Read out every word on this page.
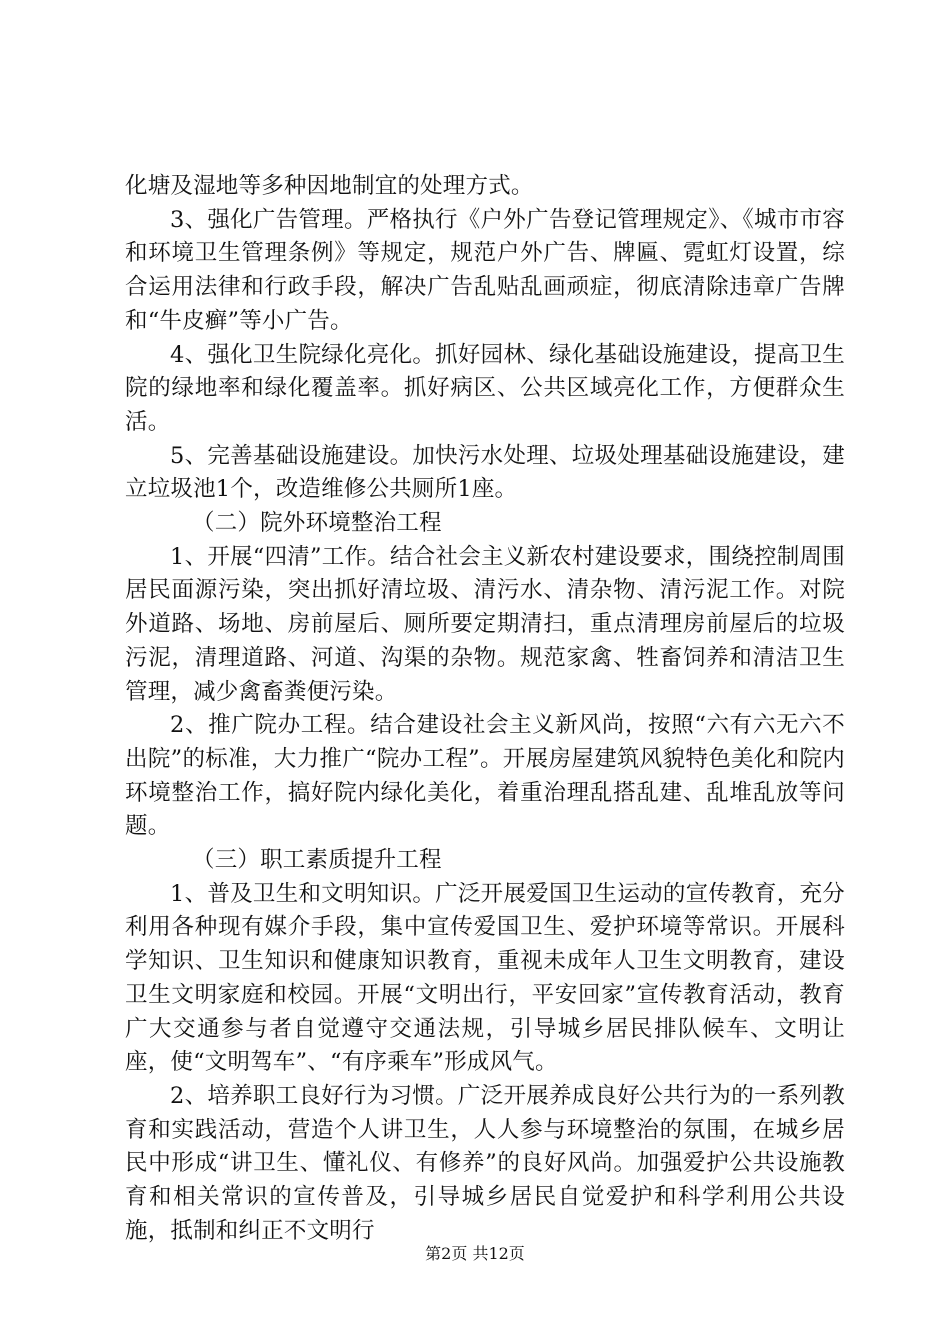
化塘及湿地等多种因地制宜的处理方式。

3、强化广告管理。严格执行《户外广告登记管理规定》、《城市市容和环境卫生管理条例》等规定，规范户外广告、牌匾、霓虹灯设置，综合运用法律和行政手段，解决广告乱贴乱画顽症，彻底清除违章广告牌和“牛皮癣”等小广告。

4、强化卫生院绿化亮化。抓好园林、绿化基础设施建设，提高卫生院的绿地率和绿化覆盖率。抓好病区、公共区域亮化工作，方便群众生活。

5、完善基础设施建设。加快污水处理、垃圾处理基础设施建设，建立垃圾池1个，改造维修公共厕所1座。

（二）院外环境整治工程

1、开展“四清”工作。结合社会主义新农村建设要求，围绕控制周围居民面源污染，突出抓好清垃圾、清污水、清杂物、清污泥工作。对院外道路、场地、房前屋后、厕所要定期清扫，重点清理房前屋后的垃圾污泥，清理道路、河道、沟渠的杂物。规范家禽、牲畜饲养和清洁卫生管理，减少禽畜粪便污染。

2、推广院办工程。结合建设社会主义新风尚，按照“六有六无六不出院”的标准，大力推广“院办工程”。开展房屋建筑风貌特色美化和院内环境整治工作，搞好院内绿化美化，着重治理乱搭乱建、乱堆乱放等问题。

（三）职工素质提升工程

1、普及卫生和文明知识。广泛开展爱国卫生运动的宣传教育，充分利用各种现有媒介手段，集中宣传爱国卫生、爱护环境等常识。开展科学知识、卫生知识和健康知识教育，重视未成年人卫生文明教育，建设卫生文明家庭和校园。开展“文明出行，平安回家”宣传教育活动，教育广大交通参与者自觉遵守交通法规，引导城乡居民排队候车、文明让座，使“文明驾车”、“有序乘车”形成风气。

2、培养职工良好行为习惯。广泛开展养成良好公共行为的一系列教育和实践活动，营造个人讲卫生，人人参与环境整治的氛围，在城乡居民中形成“讲卫生、懂礼仪、有修养”的良好风尚。加强爱护公共设施教育和相关常识的宣传普及，引导城乡居民自觉爱护和科学利用公共设施，抵制和纠正不文明行

第2页 共12页
